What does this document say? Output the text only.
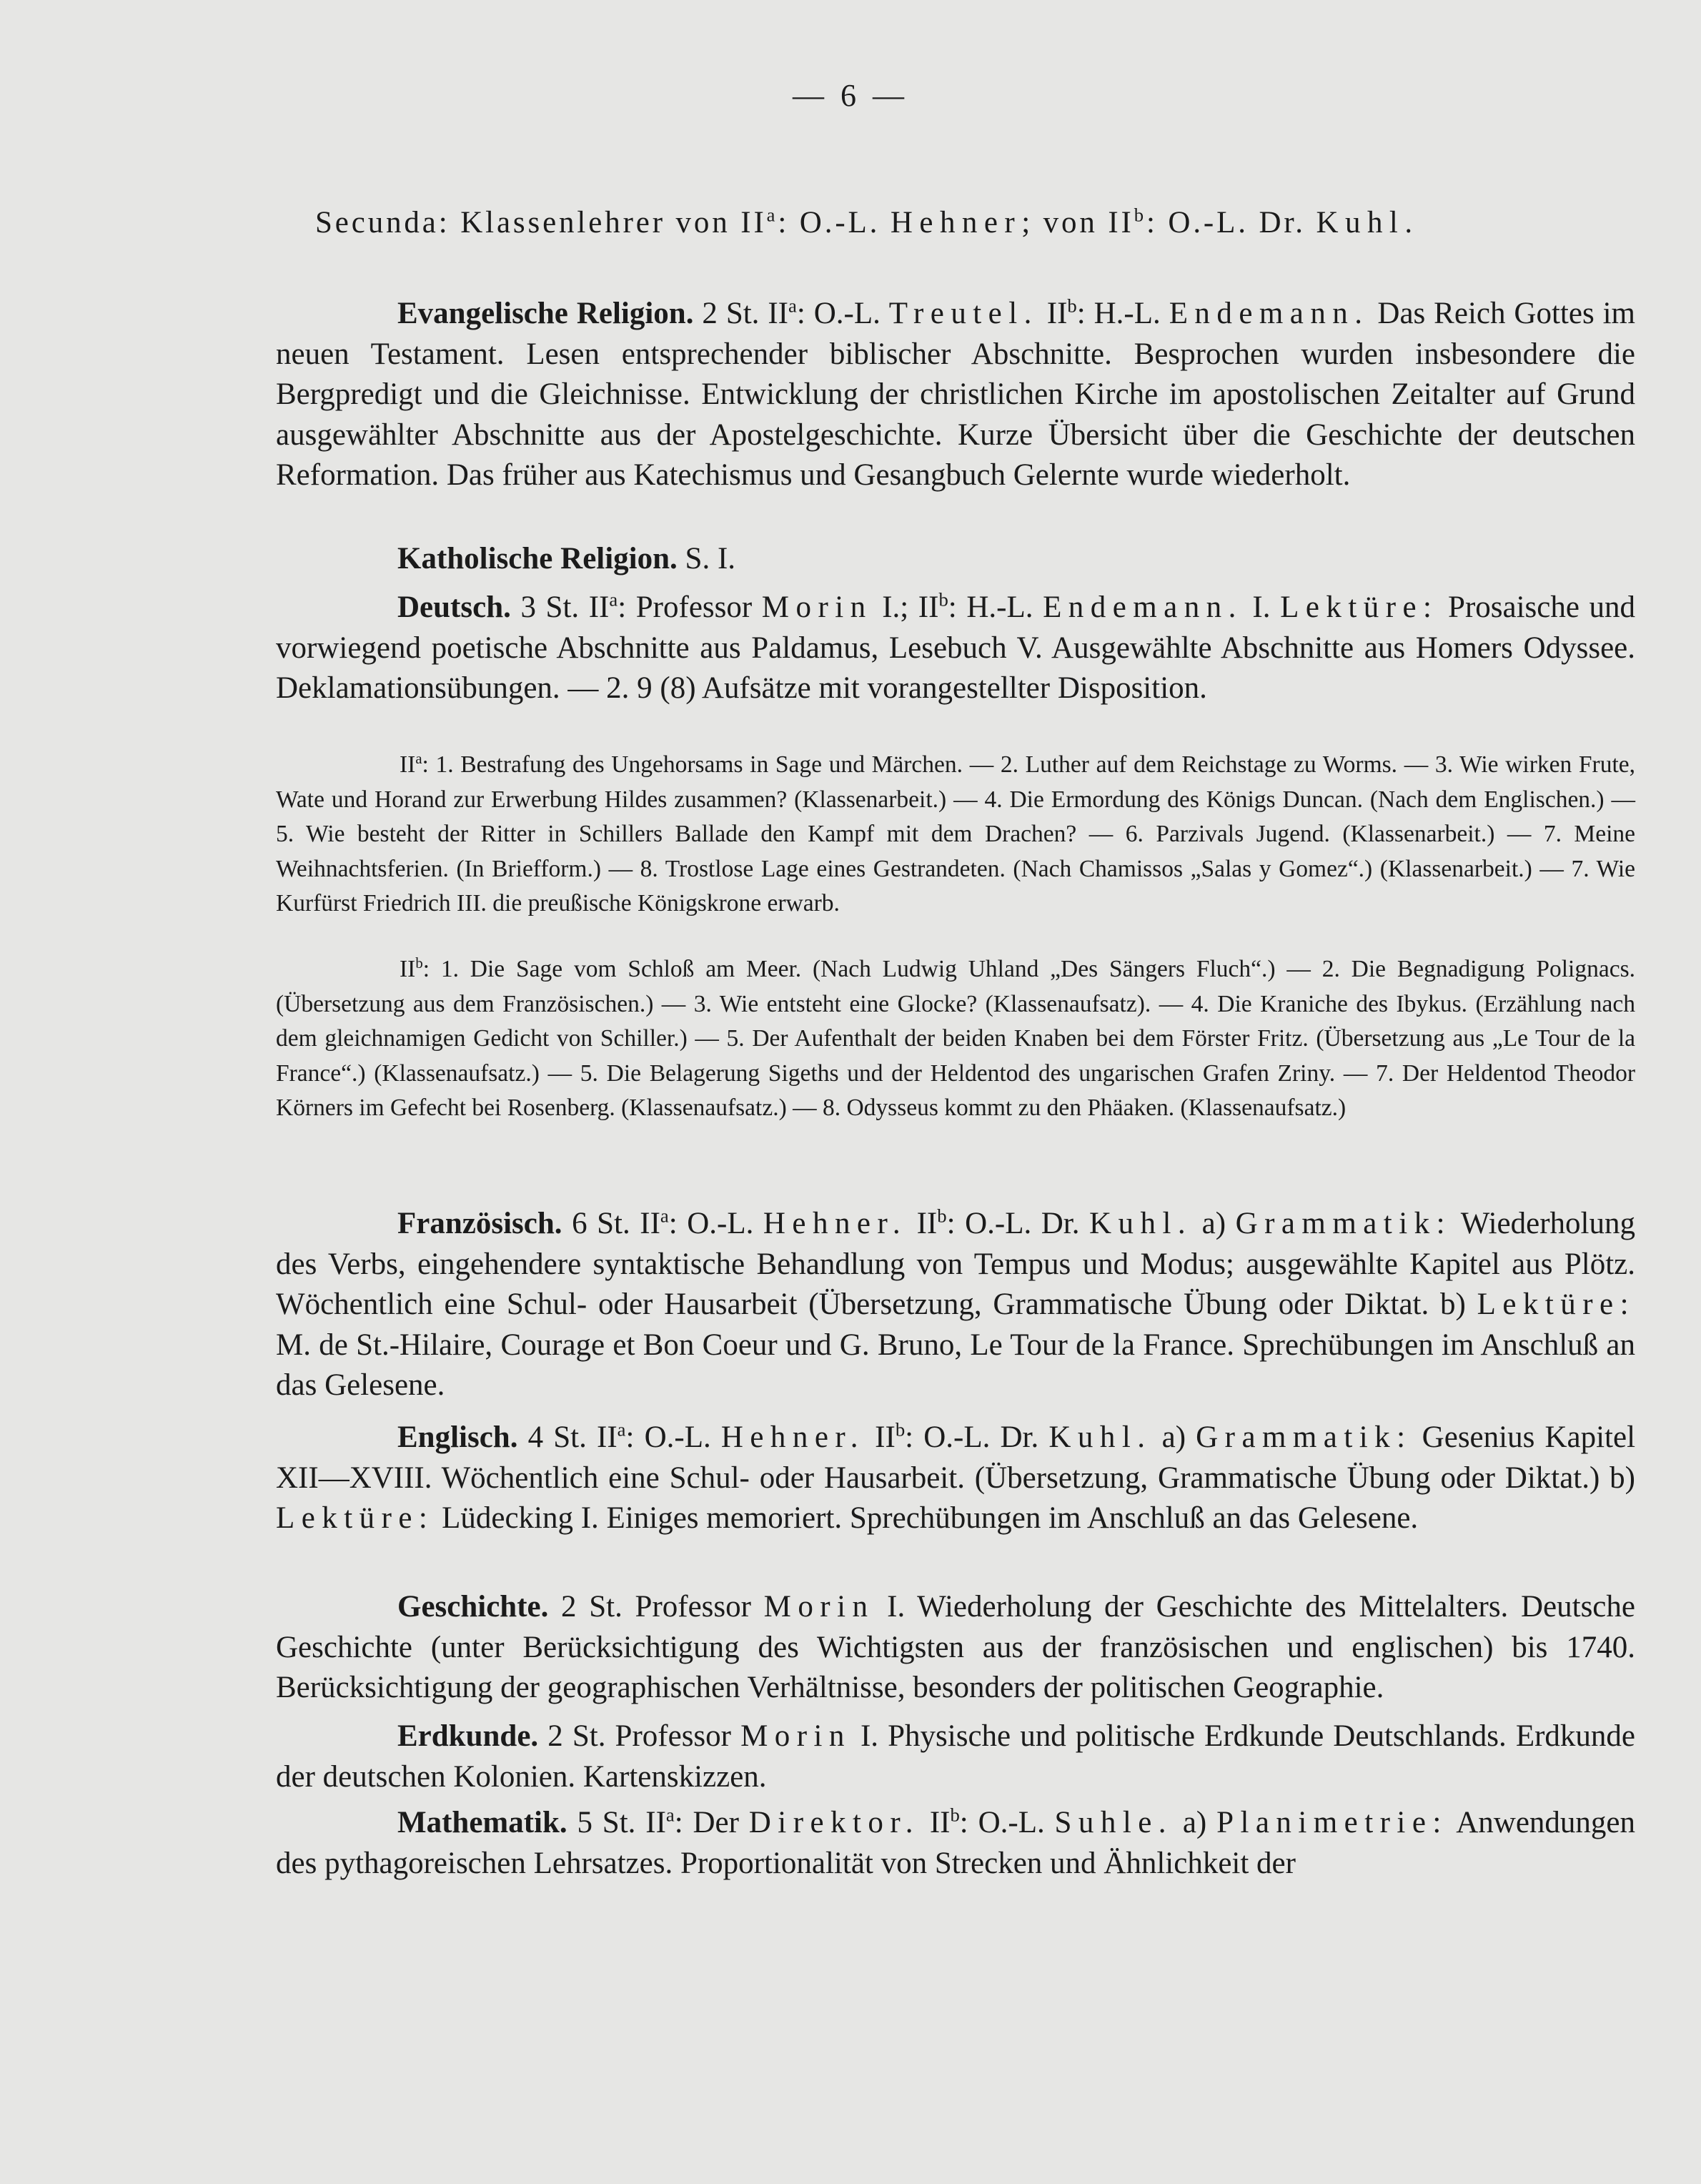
— 6 —

Secunda: Klassenlehrer von $II^a$: O.-L. Hehner; von $II^b$: O.-L. Dr. Kuhl.

Evangelische Religion. 2 St. $II^a$: O.-L. Treutel. $II^b$: H.-L. Endemann. Das Reich Gottes im neuen Testament. Lesen entsprechender biblischer Abschnitte. Besprochen wurden insbesondere die Bergpredigt und die Gleichnisse. Entwicklung der christlichen Kirche im apostolischen Zeitalter auf Grund ausgewählter Abschnitte aus der Apostelgeschichte. Kurze Übersicht über die Geschichte der deutschen Reformation. Das früher aus Katechismus und Gesangbuch Gelernte wurde wiederholt.

Katholische Religion. S. I.

Deutsch. 3 St. $II^a$: Professor Morin I.; $II^b$: H.-L. Endemann. I. Lektüre: Prosaische und vorwiegend poetische Abschnitte aus Paldamus, Lesebuch V. Ausgewählte Abschnitte aus Homers Odyssee. Deklamationsübungen. — 2. 9 (8) Aufsätze mit vorangestellter Disposition.

$II^a$: 1. Bestrafung des Ungehorsams in Sage und Märchen. — 2. Luther auf dem Reichstage zu Worms. — 3. Wie wirken Frute, Wate und Horand zur Erwerbung Hildes zusammen? (Klassenarbeit.) — 4. Die Ermordung des Königs Duncan. (Nach dem Englischen.) — 5. Wie besteht der Ritter in Schillers Ballade den Kampf mit dem Drachen? — 6. Parzivals Jugend. (Klassenarbeit.) — 7. Meine Weihnachtsferien. (In Briefform.) — 8. Trostlose Lage eines Gestrandeten. (Nach Chamissos „Salas y Gomez“.) (Klassenarbeit.) — 7. Wie Kurfürst Friedrich III. die preußische Königskrone erwarb.

$II^b$: 1. Die Sage vom Schloß am Meer. (Nach Ludwig Uhland „Des Sängers Fluch“.) — 2. Die Begnadigung Polignacs. (Übersetzung aus dem Französischen.) — 3. Wie entsteht eine Glocke? (Klassenaufsatz). — 4. Die Kraniche des Ibykus. (Erzählung nach dem gleichnamigen Gedicht von Schiller.) — 5. Der Aufenthalt der beiden Knaben bei dem Förster Fritz. (Übersetzung aus „Le Tour de la France“.) (Klassenaufsatz.) — 5. Die Belagerung Sigeths und der Heldentod des ungarischen Grafen Zriny. — 7. Der Heldentod Theodor Körners im Gefecht bei Rosenberg. (Klassenaufsatz.) — 8. Odysseus kommt zu den Phäaken. (Klassenaufsatz.)

Französisch. 6 St. $II^a$: O.-L. Hehner. $II^b$: O.-L. Dr. Kuhl. a) Grammatik: Wiederholung des Verbs, eingehendere syntaktische Behandlung von Tempus und Modus; ausgewählte Kapitel aus Plötz. Wöchentlich eine Schul- oder Hausarbeit (Übersetzung, Grammatische Übung oder Diktat. b) Lektüre: M. de St.-Hilaire, Courage et Bon Coeur und G. Bruno, Le Tour de la France. Sprechübungen im Anschluß an das Gelesene.

Englisch. 4 St. $II^a$: O.-L. Hehner. $II^b$: O.-L. Dr. Kuhl. a) Grammatik: Gesenius Kapitel XII—XVIII. Wöchentlich eine Schul- oder Hausarbeit. (Übersetzung, Grammatische Übung oder Diktat.) b) Lektüre: Lüdecking I. Einiges memoriert. Sprechübungen im Anschluß an das Gelesene.

Geschichte. 2 St. Professor Morin I. Wiederholung der Geschichte des Mittelalters. Deutsche Geschichte (unter Berücksichtigung des Wichtigsten aus der französischen und englischen) bis 1740. Berücksichtigung der geographischen Verhältnisse, besonders der politischen Geographie.

Erdkunde. 2 St. Professor Morin I. Physische und politische Erdkunde Deutschlands. Erdkunde der deutschen Kolonien. Kartenskizzen.

Mathematik. 5 St. $II^a$: Der Direktor. $II^b$: O.-L. Suhle. a) Planimetrie: Anwendungen des pythagoreischen Lehrsatzes. Proportionalität von Strecken und Ähnlichkeit der
